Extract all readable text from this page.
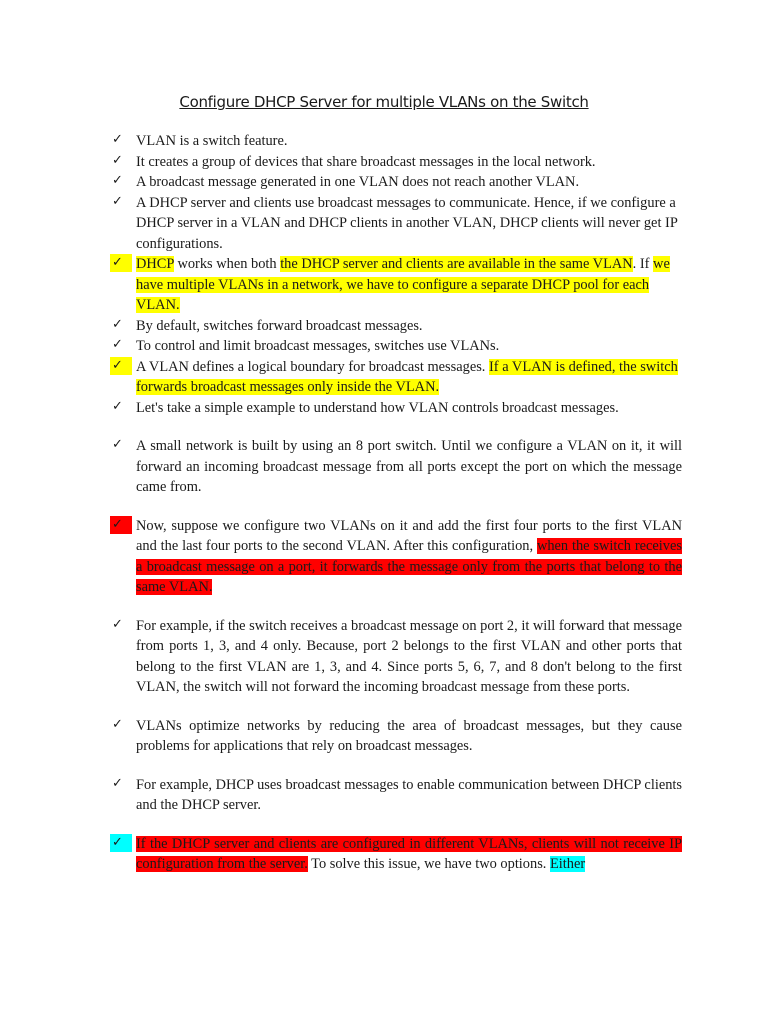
Configure DHCP Server for multiple VLANs on the Switch
✓ VLAN is a switch feature.
✓ It creates a group of devices that share broadcast messages in the local network.
✓ A broadcast message generated in one VLAN does not reach another VLAN.
✓ A DHCP server and clients use broadcast messages to communicate. Hence, if we configure a DHCP server in a VLAN and DHCP clients in another VLAN, DHCP clients will never get IP configurations.
✓ DHCP works when both the DHCP server and clients are available in the same VLAN. If we have multiple VLANs in a network, we have to configure a separate DHCP pool for each VLAN.
✓ By default, switches forward broadcast messages.
✓ To control and limit broadcast messages, switches use VLANs.
✓ A VLAN defines a logical boundary for broadcast messages. If a VLAN is defined, the switch forwards broadcast messages only inside the VLAN.
✓ Let's take a simple example to understand how VLAN controls broadcast messages.
✓ A small network is built by using an 8 port switch. Until we configure a VLAN on it, it will forward an incoming broadcast message from all ports except the port on which the message came from.
✓ Now, suppose we configure two VLANs on it and add the first four ports to the first VLAN and the last four ports to the second VLAN. After this configuration, when the switch receives a broadcast message on a port, it forwards the message only from the ports that belong to the same VLAN.
✓ For example, if the switch receives a broadcast message on port 2, it will forward that message from ports 1, 3, and 4 only. Because, port 2 belongs to the first VLAN and other ports that belong to the first VLAN are 1, 3, and 4. Since ports 5, 6, 7, and 8 don't belong to the first VLAN, the switch will not forward the incoming broadcast message from these ports.
✓ VLANs optimize networks by reducing the area of broadcast messages, but they cause problems for applications that rely on broadcast messages.
✓ For example, DHCP uses broadcast messages to enable communication between DHCP clients and the DHCP server.
✓ If the DHCP server and clients are configured in different VLANs, clients will not receive IP configuration from the server. To solve this issue, we have two options. Either
